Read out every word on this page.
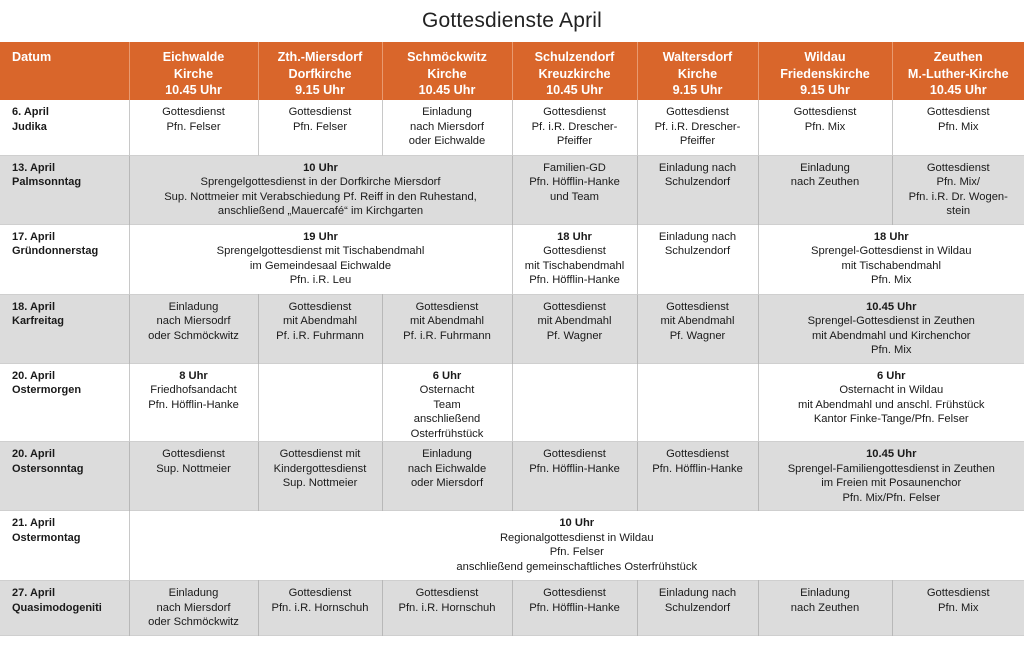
Gottesdienste April
Datum	Eichwalde
Kirche
10.45 Uhr	Zth.-Miersdorf
Dorfkirche
9.15 Uhr	Schmöckwitz
Kirche
10.45 Uhr	Schulzendorf
Kreuzkirche
10.45 Uhr	Waltersdorf
Kirche
9.15 Uhr	Wildau
Friedenskirche
9.15 Uhr	Zeuthen
M.-Luther-Kirche
10.45 Uhr

6. April
Judika	Gottesdienst
Pfn. Felser	Gottesdienst
Pfn. Felser	Einladung
nach Miersdorf
oder Eichwalde	Gottesdienst
Pf. i.R. Drescher-
Pfeiffer	Gottesdienst
Pf. i.R. Drescher-
Pfeiffer	Gottesdienst
Pfn. Mix	Gottesdienst
Pfn. Mix

13. April
Palmsonntag	10 Uhr
Sprengelgottesdienst in der Dorfkirche Miersdorf
Sup. Nottmeier mit Verabschiedung Pf. Reiff in den Ruhestand,
anschließend „Mauercafé“ im Kirchgarten			Familien-GD
Pfn. Höfflin-Hanke
und Team	Einladung nach
Schulzendorf	Einladung
nach Zeuthen	Gottesdienst
Pfn. Mix/
Pfn. i.R. Dr. Wogen-
stein

17. April
Gründonnerstag	19 Uhr
Sprengelgottesdienst mit Tischabendmahl
im Gemeindesaal Eichwalde
Pfn. i.R. Leu			18 Uhr
Gottesdienst
mit Tischabendmahl
Pfn. Höfflin-Hanke	Einladung nach
Schulzendorf	18 Uhr
Sprengel-Gottesdienst in Wildau
mit Tischabendmahl
Pfn. Mix	

18. April
Karfreitag	Einladung
nach Miersodrf
oder Schmöckwitz	Gottesdienst
mit Abendmahl
Pf. i.R. Fuhrmann	Gottesdienst
mit Abendmahl
Pf. i.R. Fuhrmann	Gottesdienst
mit Abendmahl
Pf. Wagner	Gottesdienst
mit Abendmahl
Pf. Wagner	10.45 Uhr
Sprengel-Gottesdienst in Zeuthen
mit Abendmahl und Kirchenchor
Pfn. Mix	

20. April
Ostermorgen	8 Uhr
Friedhofsandacht
Pfn. Höfflin-Hanke		6 Uhr
Osternacht
Team
anschließend
Osterfrühstück			6 Uhr
Osternacht in Wildau
mit Abendmahl und anschl. Frühstück
Kantor Finke-Tange/Pfn. Felser	

20. April
Ostersonntag	Gottesdienst
Sup. Nottmeier	Gottesdienst mit
Kindergottesdienst
Sup. Nottmeier	Einladung
nach Eichwalde
oder Miersdorf	Gottesdienst
Pfn. Höfflin-Hanke	Gottesdienst
Pfn. Höfflin-Hanke	10.45 Uhr
Sprengel-Familiengottesdienst in Zeuthen
im Freien mit Posaunenchor
Pfn. Mix/Pfn. Felser	

21. April
Ostermontag	10 Uhr
Regionalgottesdienst in Wildau
Pfn. Felser
anschließend gemeinschaftliches Osterfrühstück						

27. April
Quasimodogeniti	Einladung
nach Miersdorf
oder Schmöckwitz	Gottesdienst
Pfn. i.R. Hornschuh	Gottesdienst
Pfn. i.R. Hornschuh	Gottesdienst
Pfn. Höfflin-Hanke	Einladung nach
Schulzendorf	Einladung
nach Zeuthen	Gottesdienst
Pfn. Mix
